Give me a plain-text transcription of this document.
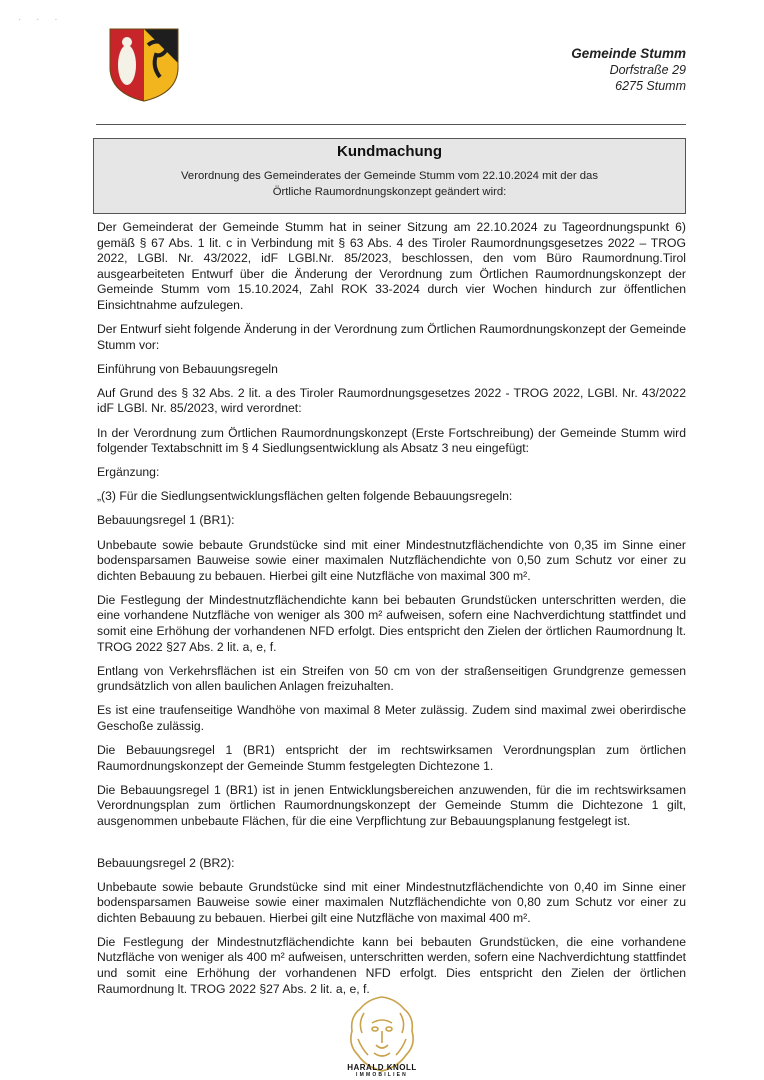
· · ·
Gemeinde Stumm
Dorfstraße 29
6275 Stumm
Kundmachung
Verordnung des Gemeinderates der Gemeinde Stumm vom 22.10.2024 mit der das
Örtliche Raumordnungskonzept geändert wird:

Der Gemeinderat der Gemeinde Stumm hat in seiner Sitzung am 22.10.2024 zu Tageordnungspunkt 6) gemäß § 67 Abs. 1 lit. c in Verbindung mit § 63 Abs. 4 des Tiroler Raumordnungsgesetzes 2022 – TROG 2022, LGBl. Nr. 43/2022, idF LGBl.Nr. 85/2023, beschlossen, den vom Büro Raumordnung.Tirol ausgearbeiteten Entwurf über die Änderung der Verordnung zum Örtlichen Raumordnungskonzept der Gemeinde Stumm vom 15.10.2024, Zahl ROK 33-2024 durch vier Wochen hindurch zur öffentlichen Einsichtnahme aufzulegen.

Der Entwurf sieht folgende Änderung in der Verordnung zum Örtlichen Raumordnungskonzept der Gemeinde Stumm vor:

Einführung von Bebauungsregeln

Auf Grund des § 32 Abs. 2 lit. a des Tiroler Raumordnungsgesetzes 2022 - TROG 2022, LGBl. Nr. 43/2022 idF LGBl. Nr. 85/2023, wird verordnet:

In der Verordnung zum Örtlichen Raumordnungskonzept (Erste Fortschreibung) der Gemeinde Stumm wird folgender Textabschnitt im § 4 Siedlungsentwicklung als Absatz 3 neu eingefügt:

Ergänzung:

„(3) Für die Siedlungsentwicklungsflächen gelten folgende Bebauungsregeln:

Bebauungsregel 1 (BR1):

Unbebaute sowie bebaute Grundstücke sind mit einer Mindestnutzflächendichte von 0,35 im Sinne einer bodensparsamen Bauweise sowie einer maximalen Nutzflächendichte von 0,50 zum Schutz vor einer zu dichten Bebauung zu bebauen. Hierbei gilt eine Nutzfläche von maximal 300 m².

Die Festlegung der Mindestnutzflächendichte kann bei bebauten Grundstücken unterschritten werden, die eine vorhandene Nutzfläche von weniger als 300 m² aufweisen, sofern eine Nachverdichtung stattfindet und somit eine Erhöhung der vorhandenen NFD erfolgt. Dies entspricht den Zielen der örtlichen Raumordnung lt. TROG 2022 §27 Abs. 2 lit. a, e, f.

Entlang von Verkehrsflächen ist ein Streifen von 50 cm von der straßenseitigen Grundgrenze gemessen grundsätzlich von allen baulichen Anlagen freizuhalten.

Es ist eine traufenseitige Wandhöhe von maximal 8 Meter zulässig. Zudem sind maximal zwei oberirdische Geschoße zulässig.

Die Bebauungsregel 1 (BR1) entspricht der im rechtswirksamen Verordnungsplan zum örtlichen Raumordnungskonzept der Gemeinde Stumm festgelegten Dichtezone 1.

Die Bebauungsregel 1 (BR1) ist in jenen Entwicklungsbereichen anzuwenden, für die im rechtswirksamen Verordnungsplan zum örtlichen Raumordnungskonzept der Gemeinde Stumm die Dichtezone 1 gilt, ausgenommen unbebaute Flächen, für die eine Verpflichtung zur Bebauungsplanung festgelegt ist.

Bebauungsregel 2 (BR2):

Unbebaute sowie bebaute Grundstücke sind mit einer Mindestnutzflächendichte von 0,40 im Sinne einer bodensparsamen Bauweise sowie einer maximalen Nutzflächendichte von 0,80 zum Schutz vor einer zu dichten Bebauung zu bebauen. Hierbei gilt eine Nutzfläche von maximal 400 m².

Die Festlegung der Mindestnutzflächendichte kann bei bebauten Grundstücken, die eine vorhandene Nutzfläche von weniger als 400 m² aufweisen, unterschritten werden, sofern eine Nachverdichtung stattfindet und somit eine Erhöhung der vorhandenen NFD erfolgt. Dies entspricht den Zielen der örtlichen Raumordnung lt. TROG 2022 §27 Abs. 2 lit. a, e, f.

HARALD KNOLL
IMMOBILIEN
